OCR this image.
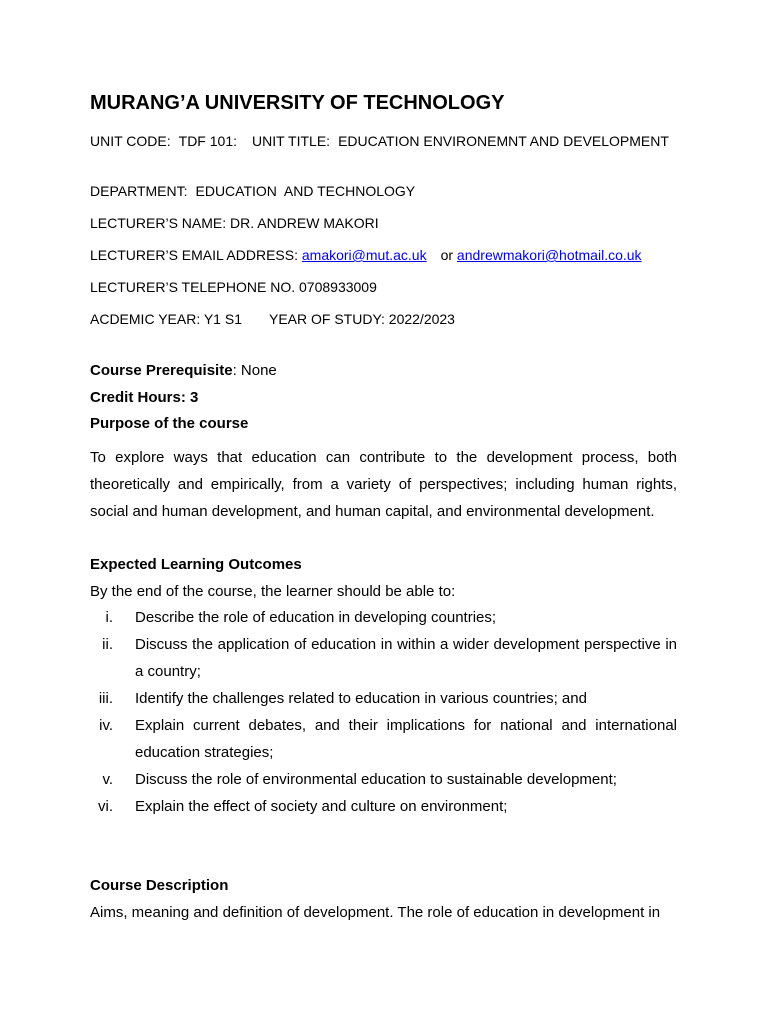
MURANG’A UNIVERSITY OF TECHNOLOGY
UNIT CODE: TDF 101: UNIT TITLE: EDUCATION ENVIRONEMNT AND DEVELOPMENT
DEPARTMENT: EDUCATION  AND TECHNOLOGY
LECTURER’S NAME: DR. ANDREW MAKORI
LECTURER’S EMAIL ADDRESS: amakori@mut.ac.uk or andrewmakori@hotmail.co.uk
LECTURER’S TELEPHONE NO. 0708933009
ACDEMIC YEAR: Y1 S1 YEAR OF STUDY: 2022/2023
Course Prerequisite: None
Credit Hours: 3
Purpose of the course
To explore ways that education can contribute to the development process, both theoretically and empirically, from a variety of perspectives; including human rights, social and human development, and human capital, and environmental development.
Expected Learning Outcomes
By the end of the course, the learner should be able to:
i. Describe the role of education in developing countries;
ii. Discuss the application of education in within a wider development perspective in a country;
iii. Identify the challenges related to education in various countries; and
iv. Explain current debates, and their implications for national and international education strategies;
v. Discuss the role of environmental education to sustainable development;
vi. Explain the effect of society and culture on environment;
Course Description
Aims, meaning and definition of development. The role of education in development in
